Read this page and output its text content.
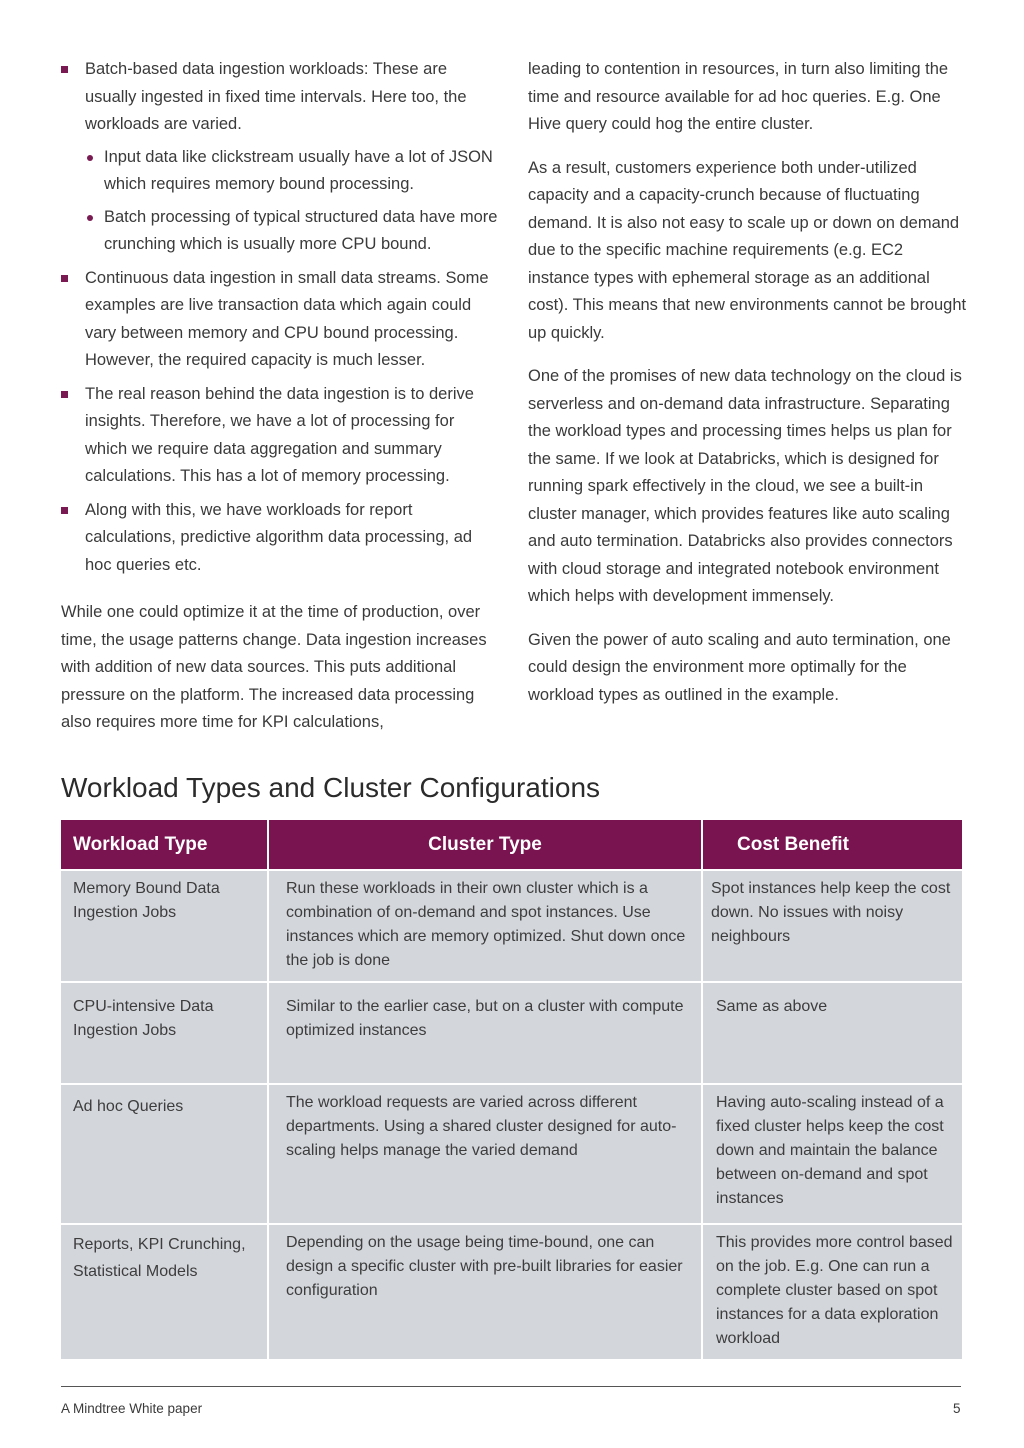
Batch-based data ingestion workloads: These are usually ingested in fixed time intervals. Here too, the workloads are varied.
Input data like clickstream usually have a lot of JSON which requires memory bound processing.
Batch processing of typical structured data have more crunching which is usually more CPU bound.
Continuous data ingestion in small data streams. Some examples are live transaction data which again could vary between memory and CPU bound processing. However, the required capacity is much lesser.
The real reason behind the data ingestion is to derive insights. Therefore, we have a lot of processing for which we require data aggregation and summary calculations. This has a lot of memory processing.
Along with this, we have workloads for report calculations, predictive algorithm data processing, ad hoc queries etc.

While one could optimize it at the time of production, over time, the usage patterns change. Data ingestion increases with addition of new data sources. This puts additional pressure on the platform. The increased data processing also requires more time for KPI calculations,

leading to contention in resources, in turn also limiting the time and resource available for ad hoc queries. E.g. One Hive query could hog the entire cluster.

As a result, customers experience both under-utilized capacity and a capacity-crunch because of fluctuating demand. It is also not easy to scale up or down on demand due to the specific machine requirements (e.g. EC2 instance types with ephemeral storage as an additional cost). This means that new environments cannot be brought up quickly.

One of the promises of new data technology on the cloud is serverless and on-demand data infrastructure. Separating the workload types and processing times helps us plan for the same. If we look at Databricks, which is designed for running spark effectively in the cloud, we see a built-in cluster manager, which provides features like auto scaling and auto termination. Databricks also provides connectors with cloud storage and integrated notebook environment which helps with development immensely.

Given the power of auto scaling and auto termination, one could design the environment more optimally for the workload types as outlined in the example.

Workload Types and Cluster Configurations
Workload Type	Cluster Type	Cost Benefit
Memory Bound Data Ingestion Jobs	Run these workloads in their own cluster which is a combination of on-demand and spot instances. Use instances which are memory optimized. Shut down once the job is done	Spot instances help keep the cost down. No issues with noisy neighbours
CPU-intensive Data Ingestion Jobs	Similar to the earlier case, but on a cluster with compute optimized instances	Same as above
Ad hoc Queries	The workload requests are varied across different departments. Using a shared cluster designed for auto-scaling helps manage the varied demand	Having auto-scaling instead of a fixed cluster helps keep the cost down and maintain the balance between on-demand and spot instances
Reports, KPI Crunching, Statistical Models	Depending on the usage being time-bound, one can design a specific cluster with pre-built libraries for easier configuration	This provides more control based on the job. E.g. One can run a complete cluster based on spot instances for a data exploration workload
A Mindtree White paper	5
